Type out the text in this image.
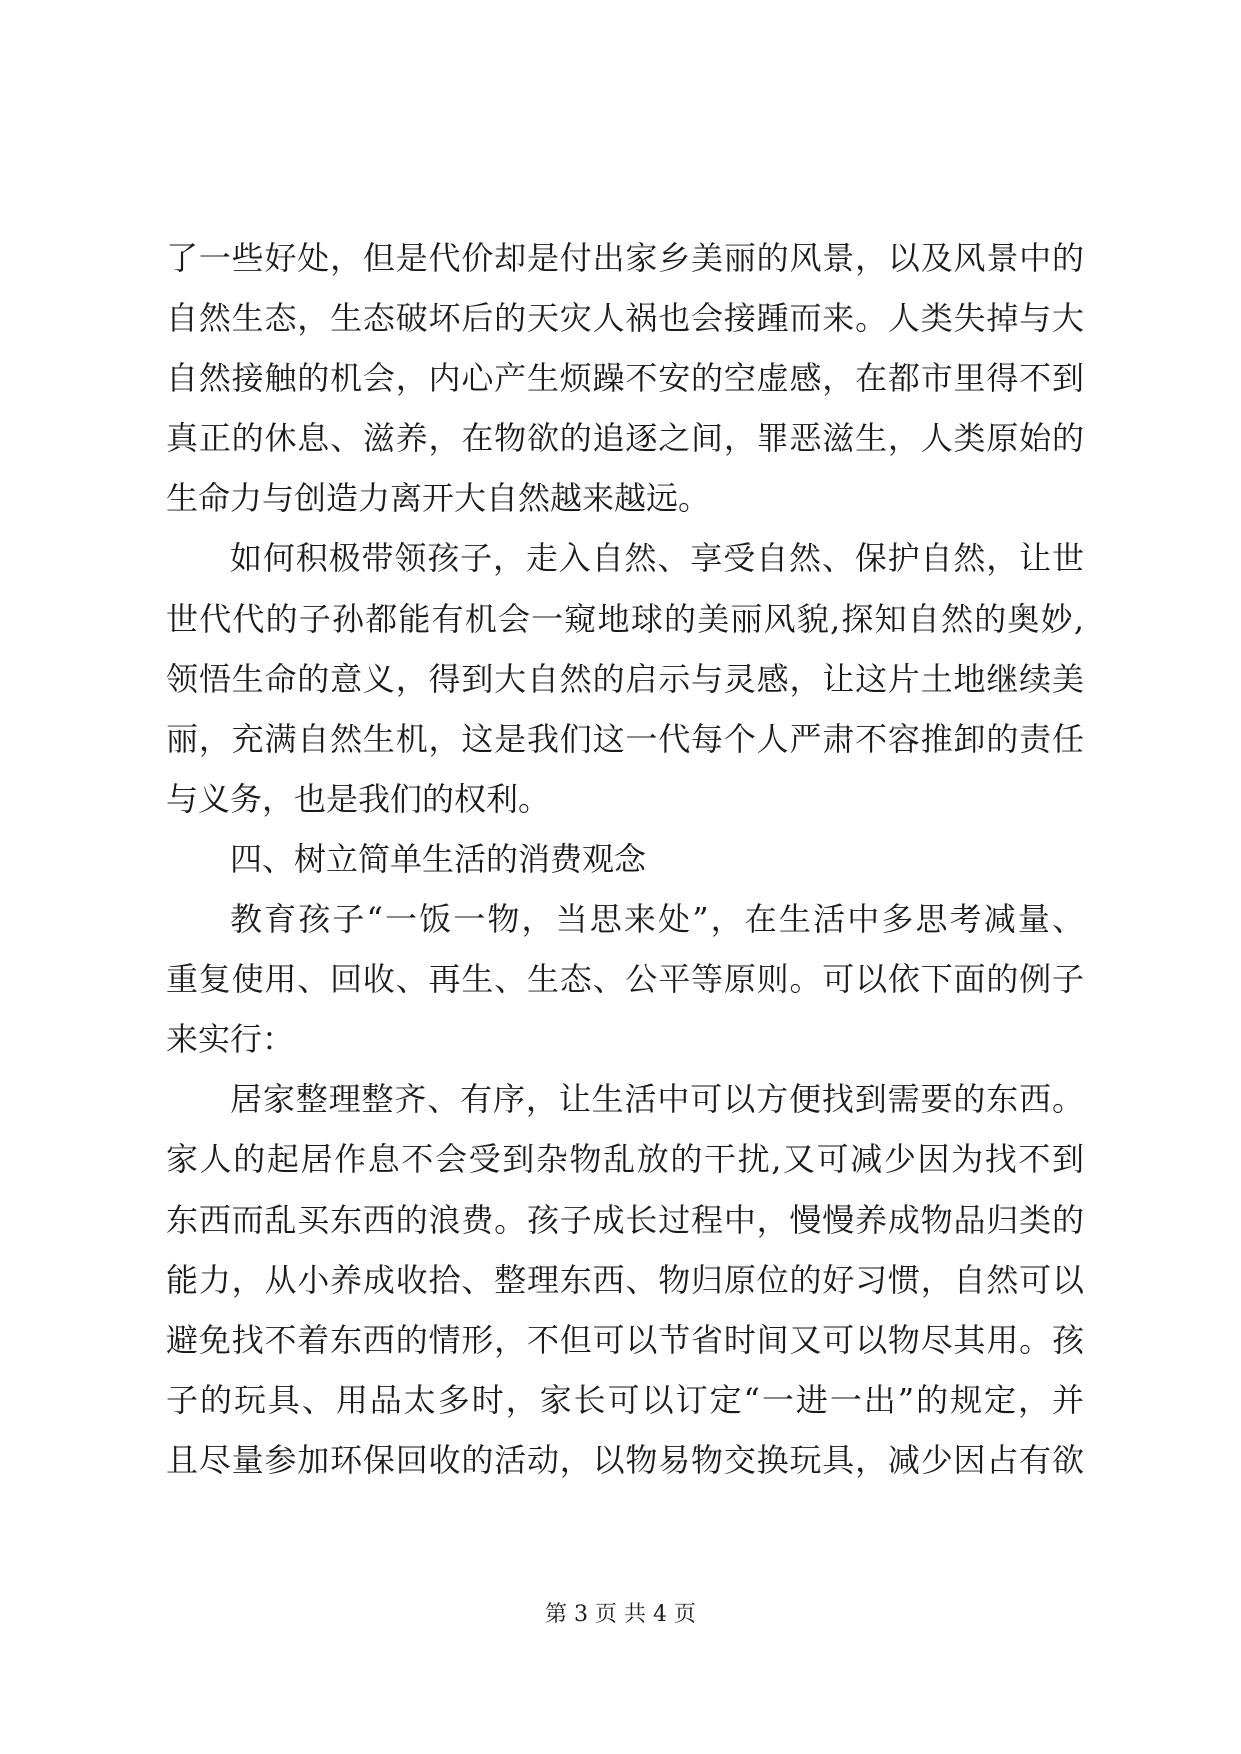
了一些好处，但是代价却是付出家乡美丽的风景，以及风景中的
自然生态，生态破坏后的天灾人祸也会接踵而来。人类失掉与大
自然接触的机会，内心产生烦躁不安的空虚感，在都市里得不到
真正的休息、滋养，在物欲的追逐之间，罪恶滋生，人类原始的
生命力与创造力离开大自然越来越远。
如何积极带领孩子，走入自然、享受自然、保护自然，让世
世代代的子孙都能有机会一窥地球的美丽风貌,探知自然的奥妙,
领悟生命的意义，得到大自然的启示与灵感，让这片土地继续美
丽，充满自然生机，这是我们这一代每个人严肃不容推卸的责任
与义务，也是我们的权利。
四、树立简单生活的消费观念
教育孩子“一饭一物，当思来处”，在生活中多思考减量、
重复使用、回收、再生、生态、公平等原则。可以依下面的例子
来实行：
居家整理整齐、有序，让生活中可以方便找到需要的东西。
家人的起居作息不会受到杂物乱放的干扰,又可减少因为找不到
东西而乱买东西的浪费。孩子成长过程中，慢慢养成物品归类的
能力，从小养成收拾、整理东西、物归原位的好习惯，自然可以
避免找不着东西的情形，不但可以节省时间又可以物尽其用。孩
子的玩具、用品太多时，家长可以订定“一进一出”的规定，并
且尽量参加环保回收的活动，以物易物交换玩具，减少因占有欲
第 3 页 共 4 页
